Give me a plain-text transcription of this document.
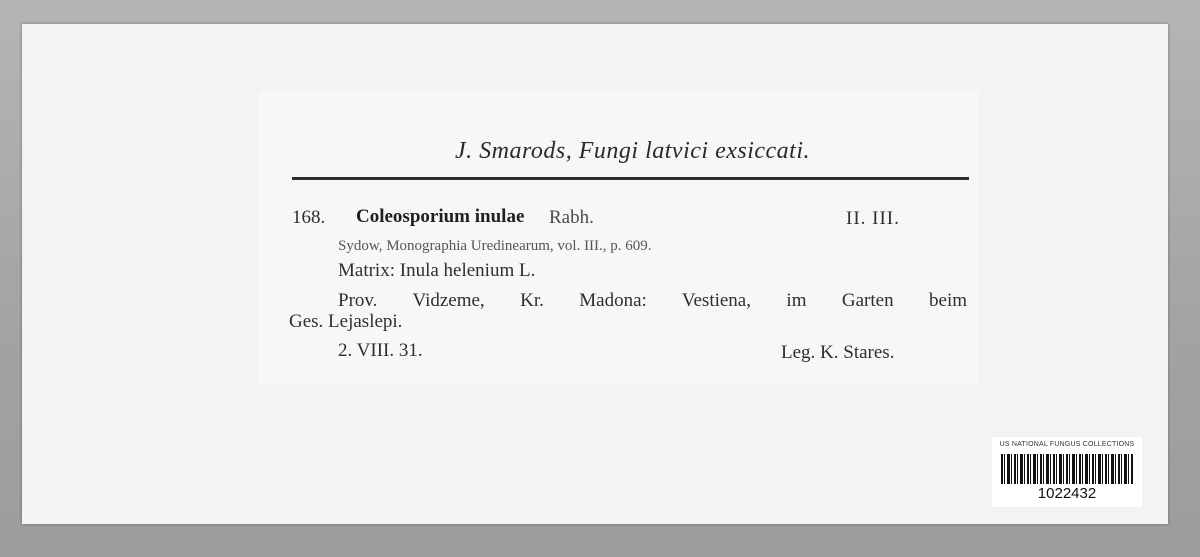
J. Smarods, Fungi latvici exsiccati.
168. Coleosporium inulae Rabh.	II. III.
Sydow, Monographia Uredinearum, vol. III., p. 609.
Matrix: Inula helenium L.
Prov. Vidzeme, Kr. Madona: Vestiena, im Garten beim
Ges. Lejaslepi.
2. VIII. 31.	Leg. K. Stares.
US NATIONAL FUNGUS COLLECTIONS
1022432
